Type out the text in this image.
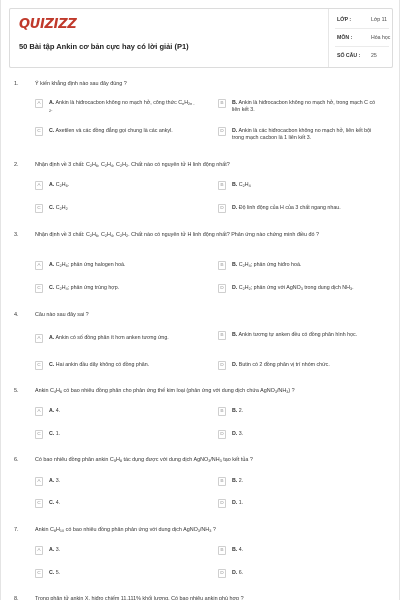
QUIZIZZ
50 Bài tập Ankin cơ bản cực hay có lời giải (P1)
LỚP :	Lớp 11
MÔN :	Hóa học
SỐ CÂU : 25
1.	Ý kiến khẳng định nào sau đây đúng ?
A	A. Ankin là hiđrocacbon không no mạch hở, công thức CnH2n - 2.
B	B. Ankin là hiđrocacbon không no mạch hở, trong mạch C có liên kết 3.
C	C. Axetilen và các đồng đẳng gọi chung là các ankyl.	D	D. Ankin là các hiđrocacbon không no mạch hở, liên kết bội trong mạch cacbon là 1 liên kết 3.
2.	Nhận định về 3 chất: C2H6, C2H4, C2H2. Chất nào có nguyên tử H linh động nhất?
A	A. C2H6.	B	B. C2H4
C	C. C2H2	D	D. Độ linh động của H của 3 chất ngang nhau.
3.	Nhận định về 3 chất: C2H6, C2H4, C2H2. Chất nào có nguyên tử H linh động nhất? Phản ứng nào chứng minh điều đó ?
A	A. C2H6; phản ứng halogen hoá.	B	B. C2H4; phản ứng hiđro hoá.
C	C. C2H4; phản ứng trùng hợp.	D	D. C2H2; phản ứng với AgNO3 trong dung dịch NH3.
4.	Câu nào sau đây sai ?
A	A. Ankin có số đồng phân ít hơn anken tương ứng.	B	B. Ankin tương tự anken đều có đồng phân hình học.
C	C. Hai ankin đầu dãy không có đồng phân.	D	D. Butin có 2 đồng phân vị trí nhóm chức.
5.	Ankin C4H6 có bao nhiêu đồng phân cho phản ứng thế kim loại (phản ứng với dung dịch chứa AgNO3/NH3) ?
A	A. 4.	B	B. 2.
C	C. 1.	D	D. 3.
6.	Có bao nhiêu đồng phân ankin C5H8 tác dụng được với dung dịch AgNO3/NH3 tạo kết tủa ?
A	A. 3.	B	B. 2.
C	C. 4.	D	D. 1.
7.	Ankin C6H10 có bao nhiêu đồng phân phản ứng với dung dịch AgNO3/NH3 ?
A	A. 3.	B	B. 4.
C	C. 5.	D	D. 6.
8.	Trong phân tử ankin X, hiđro chiếm 11,111% khối lượng. Có bao nhiêu ankin phù hợp ?
